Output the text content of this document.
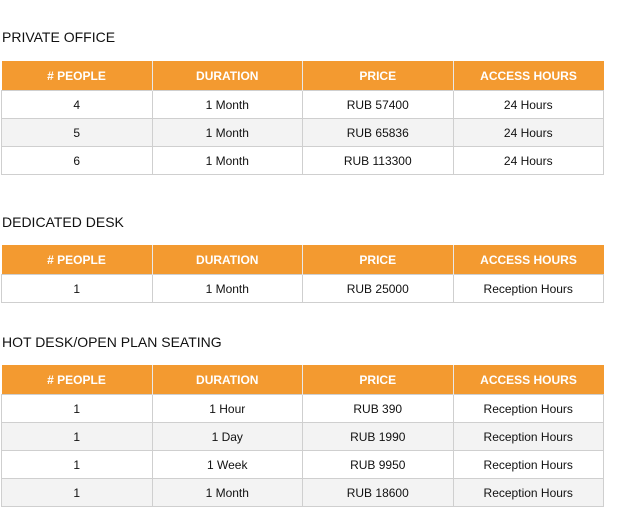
PRIVATE OFFICE
# PEOPLE	DURATION	PRICE	ACCESS HOURS
4	1 Month	RUB 57400	24 Hours
5	1 Month	RUB 65836	24 Hours
6	1 Month	RUB 113300	24 Hours
DEDICATED DESK
# PEOPLE	DURATION	PRICE	ACCESS HOURS
1	1 Month	RUB 25000	Reception Hours
HOT DESK/OPEN PLAN SEATING
# PEOPLE	DURATION	PRICE	ACCESS HOURS
1	1 Hour	RUB 390	Reception Hours
1	1 Day	RUB 1990	Reception Hours
1	1 Week	RUB 9950	Reception Hours
1	1 Month	RUB 18600	Reception Hours
